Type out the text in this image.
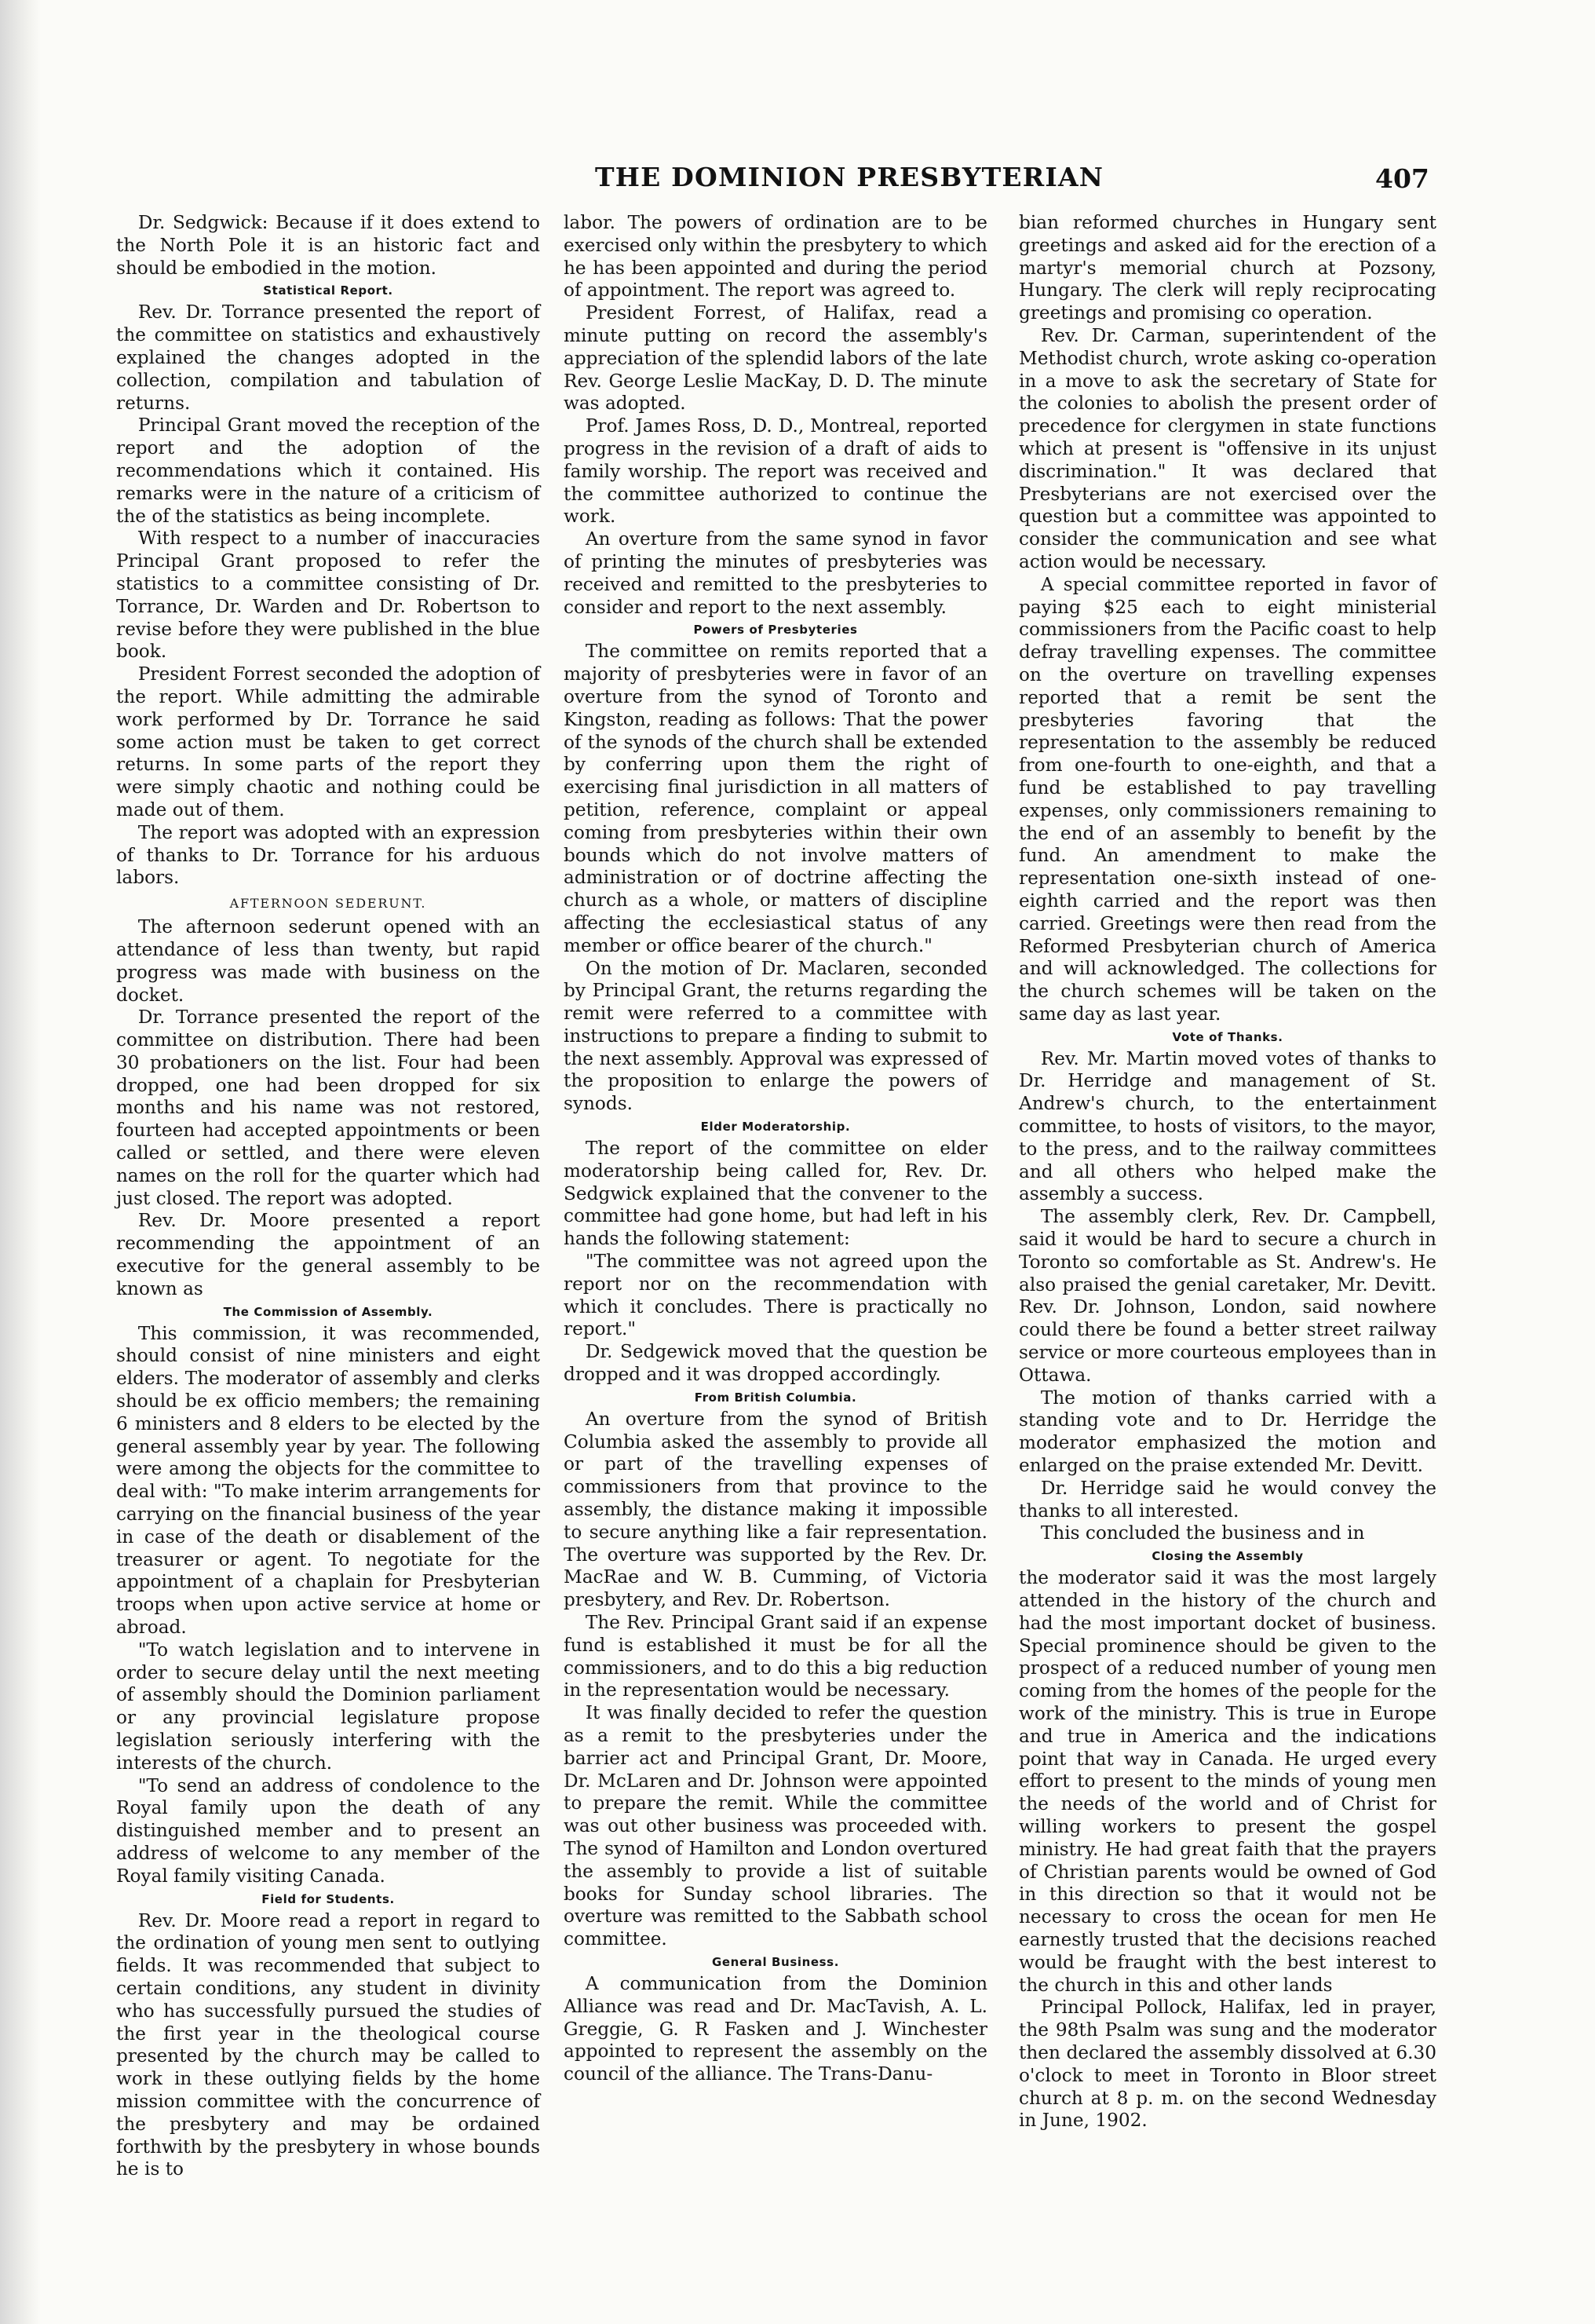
THE DOMINION PRESBYTERIAN	407

Dr. Sedgwick: Because if it does extend to the North Pole it is an historic fact and should be embodied in the motion.

Statistical Report.

Rev. Dr. Torrance presented the report of the committee on statistics and exhaustively explained the changes adopted in the collection, compilation and tabulation of returns.

Principal Grant moved the reception of the report and the adoption of the recommendations which it contained. His remarks were in the nature of a criticism of the of the statistics as being incomplete.

With respect to a number of inaccuracies Principal Grant proposed to refer the statistics to a committee consisting of Dr. Torrance, Dr. Warden and Dr. Robertson to revise before they were published in the blue book.

President Forrest seconded the adoption of the report. While admitting the admirable work performed by Dr. Torrance he said some action must be taken to get correct returns. In some parts of the report they were simply chaotic and nothing could be made out of them.

The report was adopted with an expression of thanks to Dr. Torrance for his arduous labors.

AFTERNOON SEDERUNT.

The afternoon sederunt opened with an attendance of less than twenty, but rapid progress was made with business on the docket.

Dr. Torrance presented the report of the committee on distribution. There had been 30 probationers on the list. Four had been dropped, one had been dropped for six months and his name was not restored, fourteen had accepted appointments or been called or settled, and there were eleven names on the roll for the quarter which had just closed. The report was adopted.

Rev. Dr. Moore presented a report recommending the appointment of an executive for the general assembly to be known as

The Commission of Assembly.

This commission, it was recommended, should consist of nine ministers and eight elders. The moderator of assembly and clerks should be ex officio members; the remaining 6 ministers and 8 elders to be elected by the general assembly year by year. The following were among the objects for the committee to deal with: "To make interim arrangements for carrying on the financial business of the year in case of the death or disablement of the treasurer or agent. To negotiate for the appointment of a chaplain for Presbyterian troops when upon active service at home or abroad.

"To watch legislation and to intervene in order to secure delay until the next meeting of assembly should the Dominion parliament or any provincial legislature propose legislation seriously interfering with the interests of the church.

"To send an address of condolence to the Royal family upon the death of any distinguished member and to present an address of welcome to any member of the Royal family visiting Canada.

Field for Students.

Rev. Dr. Moore read a report in regard to the ordination of young men sent to outlying fields. It was recommended that subject to certain conditions, any student in divinity who has successfully pursued the studies of the first year in the theological course presented by the church may be called to work in these outlying fields by the home mission committee with the concurrence of the presbytery and may be ordained forthwith by the presbytery in whose bounds he is to

labor. The powers of ordination are to be exercised only within the presbytery to which he has been appointed and during the period of appointment. The report was agreed to.

President Forrest, of Halifax, read a minute putting on record the assembly's appreciation of the splendid labors of the late Rev. George Leslie MacKay, D. D. The minute was adopted.

Prof. James Ross, D. D., Montreal, reported progress in the revision of a draft of aids to family worship. The report was received and the committee authorized to continue the work.

An overture from the same synod in favor of printing the minutes of presbyteries was received and remitted to the presbyteries to consider and report to the next assembly.

Powers of Presbyteries

The committee on remits reported that a majority of presbyteries were in favor of an overture from the synod of Toronto and Kingston, reading as follows: That the power of the synods of the church shall be extended by conferring upon them the right of exercising final jurisdiction in all matters of petition, reference, complaint or appeal coming from presbyteries within their own bounds which do not involve matters of administration or of doctrine affecting the church as a whole, or matters of discipline affecting the ecclesiastical status of any member or office bearer of the church."

On the motion of Dr. Maclaren, seconded by Principal Grant, the returns regarding the remit were referred to a committee with instructions to prepare a finding to submit to the next assembly. Approval was expressed of the proposition to enlarge the powers of synods.

Elder Moderatorship.

The report of the committee on elder moderatorship being called for, Rev. Dr. Sedgwick explained that the convener to the committee had gone home, but had left in his hands the following statement:

"The committee was not agreed upon the report nor on the recommendation with which it concludes. There is practically no report."

Dr. Sedgewick moved that the question be dropped and it was dropped accordingly.

From British Columbia.

An overture from the synod of British Columbia asked the assembly to provide all or part of the travelling expenses of commissioners from that province to the assembly, the distance making it impossible to secure anything like a fair representation. The overture was supported by the Rev. Dr. MacRae and W. B. Cumming, of Victoria presbytery, and Rev. Dr. Robertson.

The Rev. Principal Grant said if an expense fund is established it must be for all the commissioners, and to do this a big reduction in the representation would be necessary.

It was finally decided to refer the question as a remit to the presbyteries under the barrier act and Principal Grant, Dr. Moore, Dr. McLaren and Dr. Johnson were appointed to prepare the remit. While the committee was out other business was proceeded with. The synod of Hamilton and London overtured the assembly to provide a list of suitable books for Sunday school libraries. The overture was remitted to the Sabbath school committee.

General Business.

A communication from the Dominion Alliance was read and Dr. MacTavish, A. L. Greggie, G. R Fasken and J. Winchester appointed to represent the assembly on the council of the alliance. The Trans-Danu-

bian reformed churches in Hungary sent greetings and asked aid for the erection of a martyr's memorial church at Pozsony, Hungary. The clerk will reply reciprocating greetings and promising co operation.

Rev. Dr. Carman, superintendent of the Methodist church, wrote asking co-operation in a move to ask the secretary of State for the colonies to abolish the present order of precedence for clergymen in state functions which at present is "offensive in its unjust discrimination." It was declared that Presbyterians are not exercised over the question but a committee was appointed to consider the communication and see what action would be necessary.

A special committee reported in favor of paying $25 each to eight ministerial commissioners from the Pacific coast to help defray travelling expenses. The committee on the overture on travelling expenses reported that a remit be sent the presbyteries favoring that the representation to the assembly be reduced from one-fourth to one-eighth, and that a fund be established to pay travelling expenses, only commissioners remaining to the end of an assembly to benefit by the fund. An amendment to make the representation one-sixth instead of one-eighth carried and the report was then carried. Greetings were then read from the Reformed Presbyterian church of America and will acknowledged. The collections for the church schemes will be taken on the same day as last year.

Vote of Thanks.

Rev. Mr. Martin moved votes of thanks to Dr. Herridge and management of St. Andrew's church, to the entertainment committee, to hosts of visitors, to the mayor, to the press, and to the railway committees and all others who helped make the assembly a success.

The assembly clerk, Rev. Dr. Campbell, said it would be hard to secure a church in Toronto so comfortable as St. Andrew's. He also praised the genial caretaker, Mr. Devitt. Rev. Dr. Johnson, London, said nowhere could there be found a better street railway service or more courteous employees than in Ottawa.

The motion of thanks carried with a standing vote and to Dr. Herridge the moderator emphasized the motion and enlarged on the praise extended Mr. Devitt.

Dr. Herridge said he would convey the thanks to all interested.

This concluded the business and in

Closing the Assembly

the moderator said it was the most largely attended in the history of the church and had the most important docket of business. Special prominence should be given to the prospect of a reduced number of young men coming from the homes of the people for the work of the ministry. This is true in Europe and true in America and the indications point that way in Canada. He urged every effort to present to the minds of young men the needs of the world and of Christ for willing workers to present the gospel ministry. He had great faith that the prayers of Christian parents would be owned of God in this direction so that it would not be necessary to cross the ocean for men He earnestly trusted that the decisions reached would be fraught with the best interest to the church in this and other lands

Principal Pollock, Halifax, led in prayer, the 98th Psalm was sung and the moderator then declared the assembly dissolved at 6.30 o'clock to meet in Toronto in Bloor street church at 8 p. m. on the second Wednesday in June, 1902.
